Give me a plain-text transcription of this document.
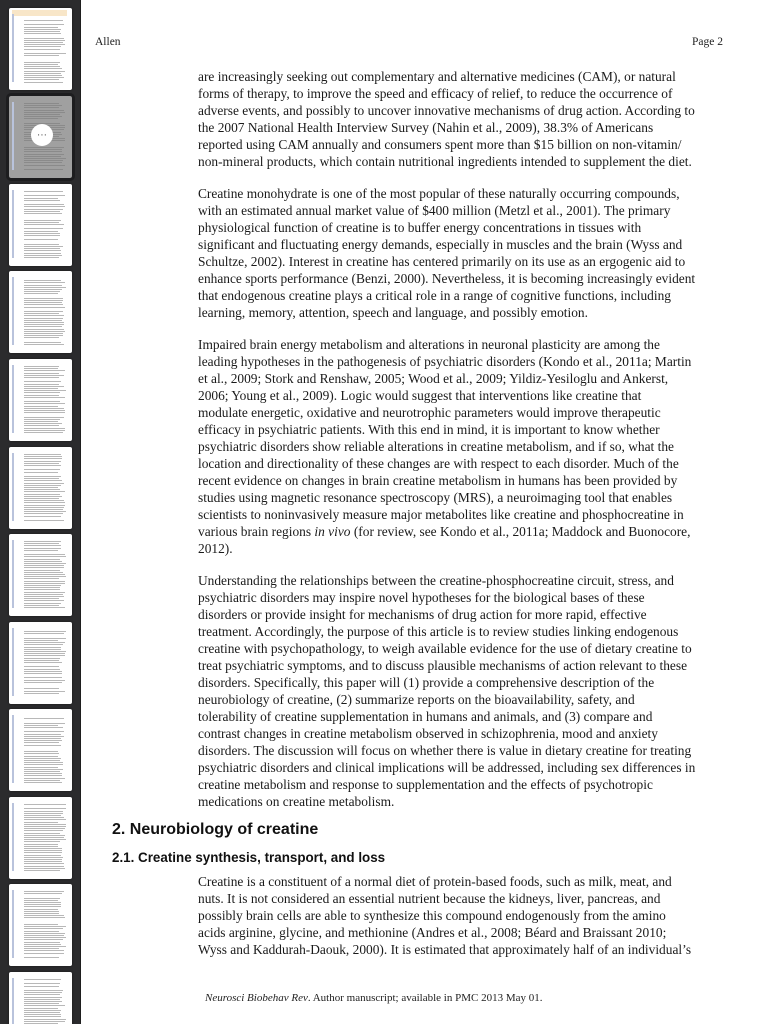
⋯
Allen	Page 2

are increasingly seeking out complementary and alternative medicines (CAM), or natural
forms of therapy, to improve the speed and efficacy of relief, to reduce the occurrence of
adverse events, and possibly to uncover innovative mechanisms of drug action. According to
the 2007 National Health Interview Survey (Nahin et al., 2009), 38.3% of Americans
reported using CAM annually and consumers spent more than $15 billion on non-vitamin/
non-mineral products, which contain nutritional ingredients intended to supplement the diet.

Creatine monohydrate is one of the most popular of these naturally occurring compounds,
with an estimated annual market value of $400 million (Metzl et al., 2001). The primary
physiological function of creatine is to buffer energy concentrations in tissues with
significant and fluctuating energy demands, especially in muscles and the brain (Wyss and
Schultze, 2002). Interest in creatine has centered primarily on its use as an ergogenic aid to
enhance sports performance (Benzi, 2000). Nevertheless, it is becoming increasingly evident
that endogenous creatine plays a critical role in a range of cognitive functions, including
learning, memory, attention, speech and language, and possibly emotion.

Impaired brain energy metabolism and alterations in neuronal plasticity are among the
leading hypotheses in the pathogenesis of psychiatric disorders (Kondo et al., 2011a; Martin
et al., 2009; Stork and Renshaw, 2005; Wood et al., 2009; Yildiz-Yesiloglu and Ankerst,
2006; Young et al., 2009). Logic would suggest that interventions like creatine that
modulate energetic, oxidative and neurotrophic parameters would improve therapeutic
efficacy in psychiatric patients. With this end in mind, it is important to know whether
psychiatric disorders show reliable alterations in creatine metabolism, and if so, what the
location and directionality of these changes are with respect to each disorder. Much of the
recent evidence on changes in brain creatine metabolism in humans has been provided by
studies using magnetic resonance spectroscopy (MRS), a neuroimaging tool that enables
scientists to noninvasively measure major metabolites like creatine and phosphocreatine in
various brain regions in vivo (for review, see Kondo et al., 2011a; Maddock and Buonocore,
2012).

Understanding the relationships between the creatine-phosphocreatine circuit, stress, and
psychiatric disorders may inspire novel hypotheses for the biological bases of these
disorders or provide insight for mechanisms of drug action for more rapid, effective
treatment. Accordingly, the purpose of this article is to review studies linking endogenous
creatine with psychopathology, to weigh available evidence for the use of dietary creatine to
treat psychiatric symptoms, and to discuss plausible mechanisms of action relevant to these
disorders. Specifically, this paper will (1) provide a comprehensive description of the
neurobiology of creatine, (2) summarize reports on the bioavailability, safety, and
tolerability of creatine supplementation in humans and animals, and (3) compare and
contrast changes in creatine metabolism observed in schizophrenia, mood and anxiety
disorders. The discussion will focus on whether there is value in dietary creatine for treating
psychiatric disorders and clinical implications will be addressed, including sex differences in
creatine metabolism and response to supplementation and the effects of psychotropic
medications on creatine metabolism.

2. Neurobiology of creatine
2.1. Creatine synthesis, transport, and loss

Creatine is a constituent of a normal diet of protein-based foods, such as milk, meat, and
nuts. It is not considered an essential nutrient because the kidneys, liver, pancreas, and
possibly brain cells are able to synthesize this compound endogenously from the amino
acids arginine, glycine, and methionine (Andres et al., 2008; Béard and Braissant 2010;
Wyss and Kaddurah-Daouk, 2000). It is estimated that approximately half of an individual’s

Neurosci Biobehav Rev. Author manuscript; available in PMC 2013 May 01.
